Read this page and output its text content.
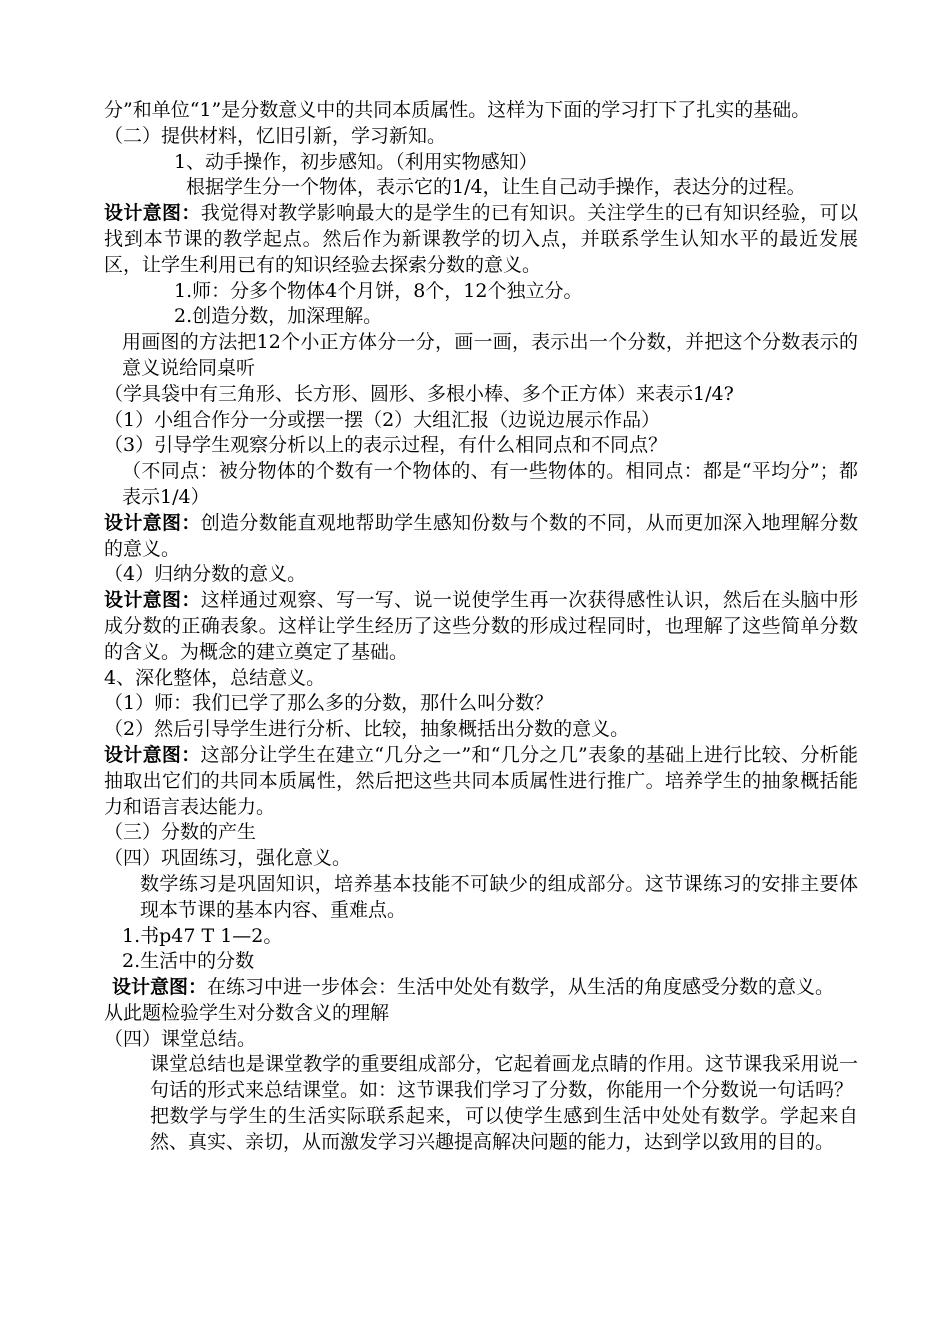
分”和单位“1”是分数意义中的共同本质属性。这样为下面的学习打下了扎实的基础。
（二）提供材料，忆旧引新，学习新知。
1、动手操作，初步感知。（利用实物感知）
根据学生分一个物体，表示它的1/4，让生自己动手操作，表达分的过程。
设计意图：我觉得对教学影响最大的是学生的已有知识。关注学生的已有知识经验，可以找到本节课的教学起点。然后作为新课教学的切入点，并联系学生认知水平的最近发展区，让学生利用已有的知识经验去探索分数的意义。
1.师：分多个物体4个月饼，8个，12个独立分。
2.创造分数，加深理解。
用画图的方法把12个小正方体分一分，画一画，表示出一个分数，并把这个分数表示的意义说给同桌听
（学具袋中有三角形、长方形、圆形、多根小棒、多个正方体）来表示1/4?
（1）小组合作分一分或摆一摆（2）大组汇报（边说边展示作品）
（3）引导学生观察分析以上的表示过程，有什么相同点和不同点？
（不同点：被分物体的个数有一个物体的、有一些物体的。相同点：都是“平均分”；都表示1/4）
设计意图：创造分数能直观地帮助学生感知份数与个数的不同，从而更加深入地理解分数的意义。
（4）归纳分数的意义。
设计意图：这样通过观察、写一写、说一说使学生再一次获得感性认识，然后在头脑中形成分数的正确表象。这样让学生经历了这些分数的形成过程同时，也理解了这些简单分数的含义。为概念的建立奠定了基础。
4、深化整体，总结意义。
（1）师：我们已学了那么多的分数，那什么叫分数？
（2）然后引导学生进行分析、比较，抽象概括出分数的意义。
设计意图：这部分让学生在建立“几分之一”和“几分之几”表象的基础上进行比较、分析能抽取出它们的共同本质属性，然后把这些共同本质属性进行推广。培养学生的抽象概括能力和语言表达能力。
（三）分数的产生
（四）巩固练习，强化意义。
数学练习是巩固知识，培养基本技能不可缺少的组成部分。这节课练习的安排主要体现本节课的基本内容、重难点。
1.书p47 T 1—2。
2.生活中的分数
设计意图：在练习中进一步体会：生活中处处有数学，从生活的角度感受分数的意义。
从此题检验学生对分数含义的理解
（四）课堂总结。
课堂总结也是课堂教学的重要组成部分，它起着画龙点睛的作用。这节课我采用说一句话的形式来总结课堂。如：这节课我们学习了分数，你能用一个分数说一句话吗？
把数学与学生的生活实际联系起来，可以使学生感到生活中处处有数学。学起来自然、真实、亲切，从而激发学习兴趣提高解决问题的能力，达到学以致用的目的。
